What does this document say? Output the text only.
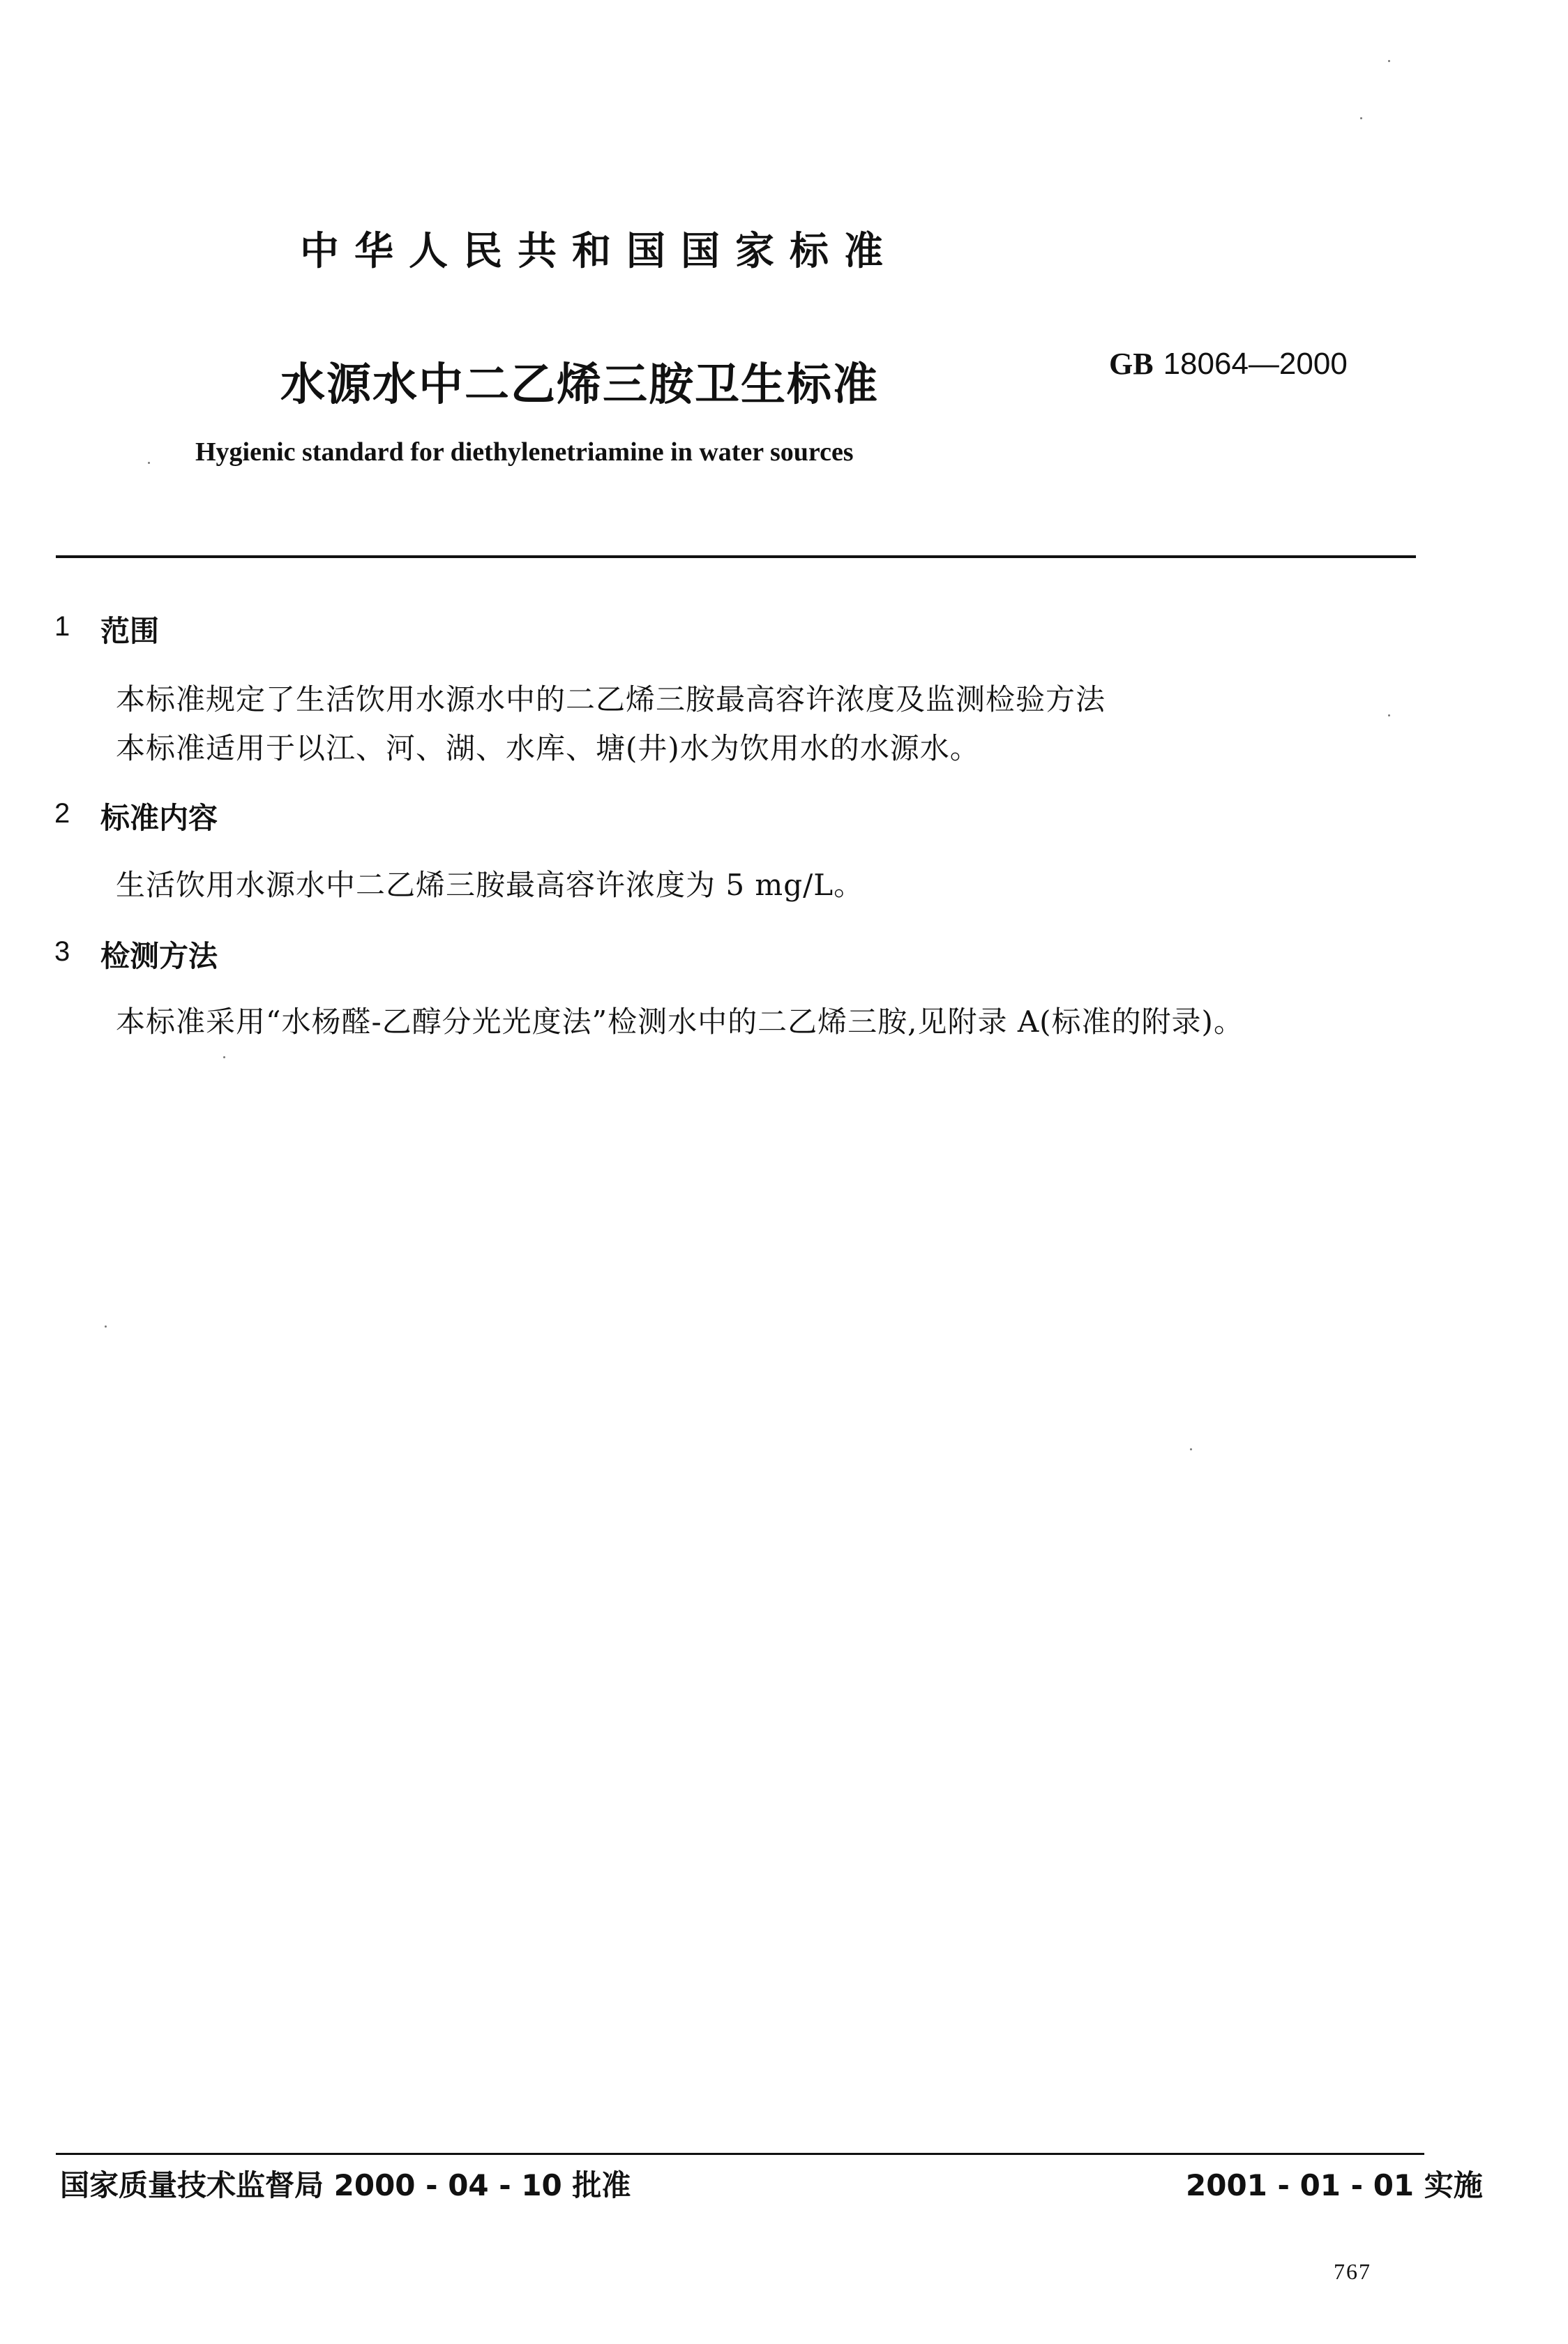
中华人民共和国国家标准
水源水中二乙烯三胺卫生标准	GB 18064—2000
Hygienic standard for diethylenetriamine in water sources
1 范围
本标准规定了生活饮用水源水中的二乙烯三胺最高容许浓度及监测检验方法
本标准适用于以江、河、湖、水库、塘(井)水为饮用水的水源水。
2 标准内容
生活饮用水源水中二乙烯三胺最高容许浓度为 5 mg/L。
3 检测方法
本标准采用“水杨醛-乙醇分光光度法”检测水中的二乙烯三胺,见附录 A(标准的附录)。
国家质量技术监督局 2000 - 04 - 10 批准	2001 - 01 - 01 实施
767
